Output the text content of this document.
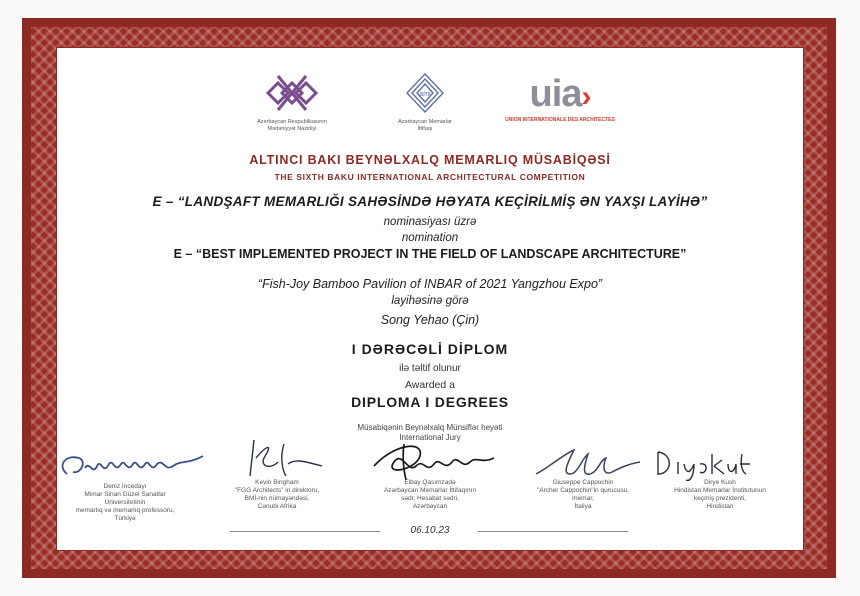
Azərbaycan Respublikasının
Mədəniyyət Nazirliyi
ami
Azərbaycan Memarlar
İttifaqı
uia›
UNION INTERNATIONALE DES ARCHITECTES
ALTINCI BAKI BEYNƏLXALQ MEMARLIQ MÜSABİQƏSİ
THE SIXTH BAKU INTERNATIONAL ARCHITECTURAL COMPETITION
E – “LANDŞAFT MEMARLIĞI SAHƏSİNDƏ HƏYATA KEÇİRİLMİŞ ƏN YAXŞI LAYİHƏ”
nominasiyası üzrə
nomination
E – “BEST IMPLEMENTED PROJECT IN THE FIELD OF LANDSCAPE ARCHITECTURE”
“Fish-Joy Bamboo Pavilion of INBAR of 2021 Yangzhou Expo”
layihəsinə görə
Song Yehao (Çin)
I DƏRƏCƏLİ DİPLOM
ilə təltif olunur
Awarded a
DIPLOMA I DEGREES
Müsabiqənin Beynəlxalq Münsiflər heyəti
International Jury
Deniz İncedayı
Mimar Sinan Güzel Sanatlar
Universitetinin
memarlıq və memarlıq professoru,
Türkiyə
Kevin Bingham
"FGG Architects" in direktoru,
BMİ-nin nümayəndəsi,
Cənubi Afrika
Elbay Qasımzadə
Azərbaycan Memarlar İttifaqının
sədr, Hesabat sədri,
Azərbaycan
Giuseppe Cappochin
"Archer Cappochin"in qurucusu,
memar,
İtaliya
Dirye Kush
Hindistan Memarlar İnstitutunun
keçmiş prezidenti,
Hindistan
06.10.23
